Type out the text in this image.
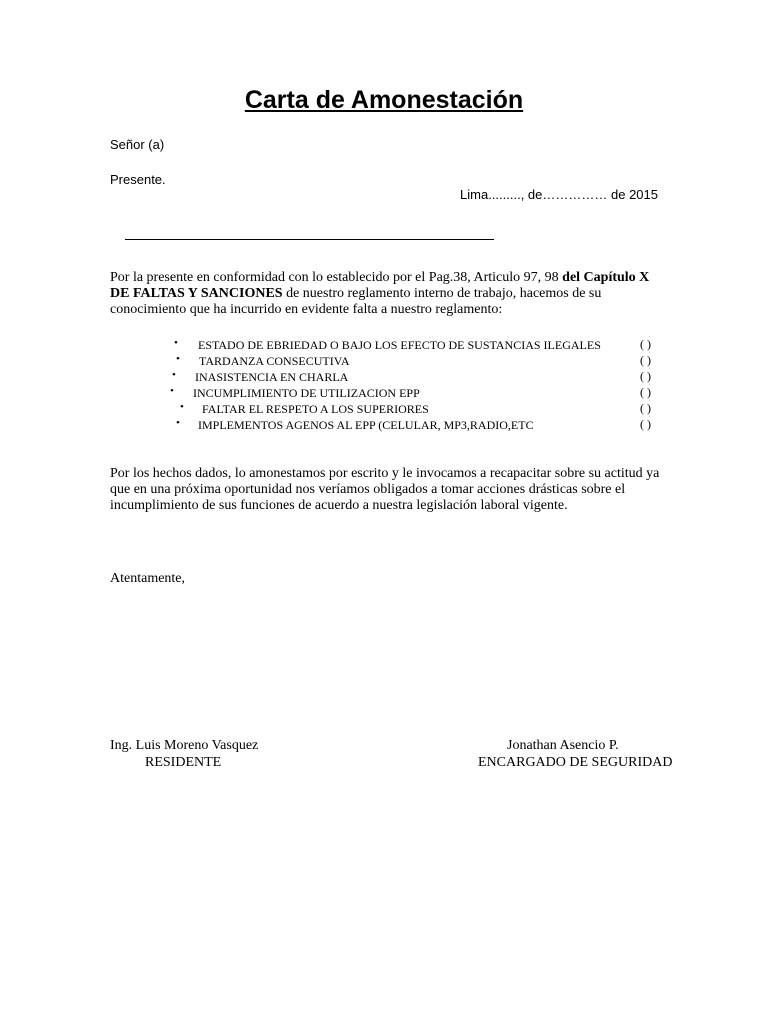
Carta de Amonestación
Señor (a)
Presente.
Lima........., de…………… de 2015
Por la presente en conformidad con lo establecido por el Pag.38, Articulo 97, 98 del Capítulo X DE FALTAS Y SANCIONES de nuestro reglamento interno de trabajo, hacemos de su conocimiento que ha incurrido en evidente falta a nuestro reglamento:
• ESTADO DE EBRIEDAD O BAJO LOS EFECTO DE SUSTANCIAS ILEGALES	( )
• TARDANZA CONSECUTIVA	( )
• INASISTENCIA EN CHARLA	( )
• INCUMPLIMIENTO DE UTILIZACION EPP	( )
• FALTAR EL RESPETO A LOS SUPERIORES	( )
• IMPLEMENTOS AGENOS AL EPP (CELULAR, MP3,RADIO,ETC	( )
Por los hechos dados, lo amonestamos por escrito y le invocamos a recapacitar sobre su actitud ya que en una próxima oportunidad nos veríamos obligados a tomar acciones drásticas sobre el incumplimiento de sus funciones de acuerdo a nuestra legislación laboral vigente.
Atentamente,
Ing. Luis Moreno Vasquez
RESIDENTE
Jonathan Asencio P.
ENCARGADO DE SEGURIDAD
